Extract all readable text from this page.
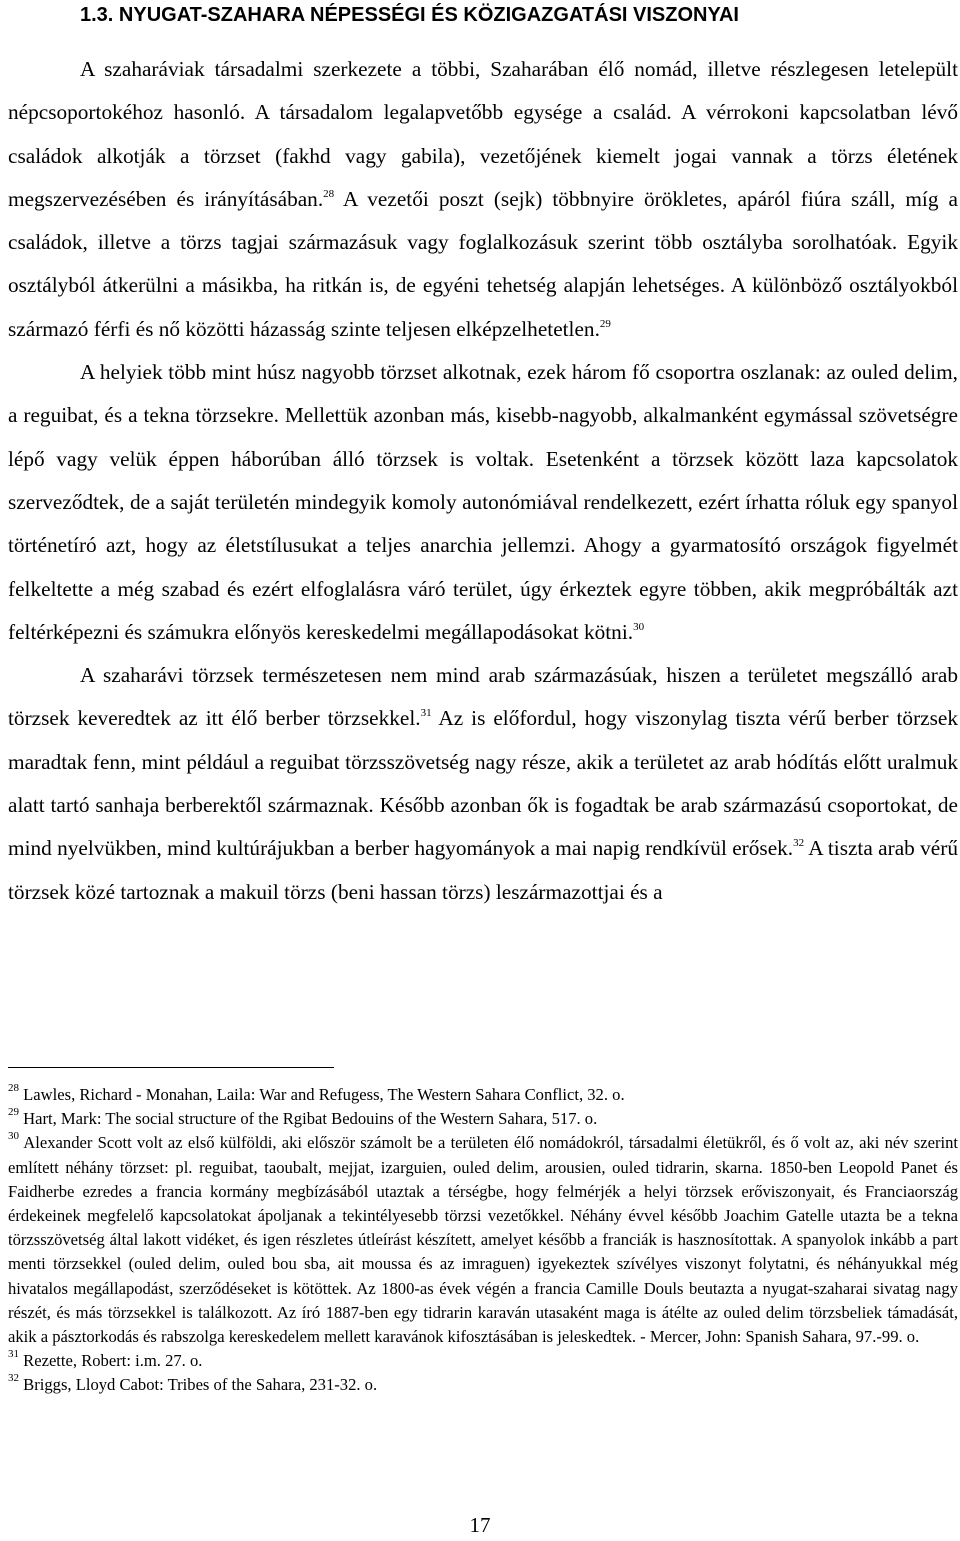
1.3. NYUGAT-SZAHARA NÉPESSÉGI ÉS KÖZIGAZGATÁSI VISZONYAI

A szaharáviak társadalmi szerkezete a többi, Szaharában élő nomád, illetve részlegesen letelepült népcsoportokéhoz hasonló. A társadalom legalapvetőbb egysége a család. A vérrokoni kapcsolatban lévő családok alkotják a törzset (fakhd vagy gabila), vezetőjének kiemelt jogai vannak a törzs életének megszervezésében és irányításában.$^{28}$ A vezetői poszt (sejk) többnyire örökletes, apáról fiúra száll, míg a családok, illetve a törzs tagjai származásuk vagy foglalkozásuk szerint több osztályba sorolhatóak. Egyik osztályból átkerülni a másikba, ha ritkán is, de egyéni tehetség alapján lehetséges. A különböző osztályokból származó férfi és nő közötti házasság szinte teljesen elképzelhetetlen.$^{29}$

A helyiek több mint húsz nagyobb törzset alkotnak, ezek három fő csoportra oszlanak: az ouled delim, a reguibat, és a tekna törzsekre. Mellettük azonban más, kisebb-nagyobb, alkalmanként egymással szövetségre lépő vagy velük éppen háborúban álló törzsek is voltak. Esetenként a törzsek között laza kapcsolatok szerveződtek, de a saját területén mindegyik komoly autonómiával rendelkezett, ezért írhatta róluk egy spanyol történetíró azt, hogy az életstílusukat a teljes anarchia jellemzi. Ahogy a gyarmatosító országok figyelmét felkeltette a még szabad és ezért elfoglalásra váró terület, úgy érkeztek egyre többen, akik megpróbálták azt feltérképezni és számukra előnyös kereskedelmi megállapodásokat kötni.$^{30}$

A szaharávi törzsek természetesen nem mind arab származásúak, hiszen a területet megszálló arab törzsek keveredtek az itt élő berber törzsekkel.$^{31}$ Az is előfordul, hogy viszonylag tiszta vérű berber törzsek maradtak fenn, mint például a reguibat törzsszövetség nagy része, akik a területet az arab hódítás előtt uralmuk alatt tartó sanhaja berberektől származnak. Később azonban ők is fogadtak be arab származású csoportokat, de mind nyelvükben, mind kultúrájukban a berber hagyományok a mai napig rendkívül erősek.$^{32}$ A tiszta arab vérű törzsek közé tartoznak a makuil törzs (beni hassan törzs) leszármazottjai és a

$^{28}$ Lawles, Richard - Monahan, Laila: War and Refugess, The Western Sahara Conflict, 32. o.

$^{29}$ Hart, Mark: The social structure of the Rgibat Bedouins of the Western Sahara, 517. o.

$^{30}$ Alexander Scott volt az első külföldi, aki először számolt be a területen élő nomádokról, társadalmi életükről, és ő volt az, aki név szerint említett néhány törzset: pl. reguibat, taoubalt, mejjat, izarguien, ouled delim, arousien, ouled tidrarin, skarna. 1850-ben Leopold Panet és Faidherbe ezredes a francia kormány megbízásából utaztak a térségbe, hogy felmérjék a helyi törzsek erőviszonyait, és Franciaország érdekeinek megfelelő kapcsolatokat ápoljanak a tekintélyesebb törzsi vezetőkkel. Néhány évvel később Joachim Gatelle utazta be a tekna törzsszövetség által lakott vidéket, és igen részletes útleírást készített, amelyet később a franciák is hasznosítottak. A spanyolok inkább a part menti törzsekkel (ouled delim, ouled bou sba, ait moussa és az imraguen) igyekeztek szívélyes viszonyt folytatni, és néhányukkal még hivatalos megállapodást, szerződéseket is kötöttek. Az 1800-as évek végén a francia Camille Douls beutazta a nyugat-szaharai sivatag nagy részét, és más törzsekkel is találkozott. Az író 1887-ben egy tidrarin karaván utasaként maga is átélte az ouled delim törzsbeliek támadását, akik a pásztorkodás és rabszolga kereskedelem mellett karavánok kifosztásában is jeleskedtek. - Mercer, John: Spanish Sahara, 97.-99. o.

$^{31}$ Rezette, Robert: i.m. 27. o.

$^{32}$ Briggs, Lloyd Cabot: Tribes of the Sahara, 231-32. o.

17
